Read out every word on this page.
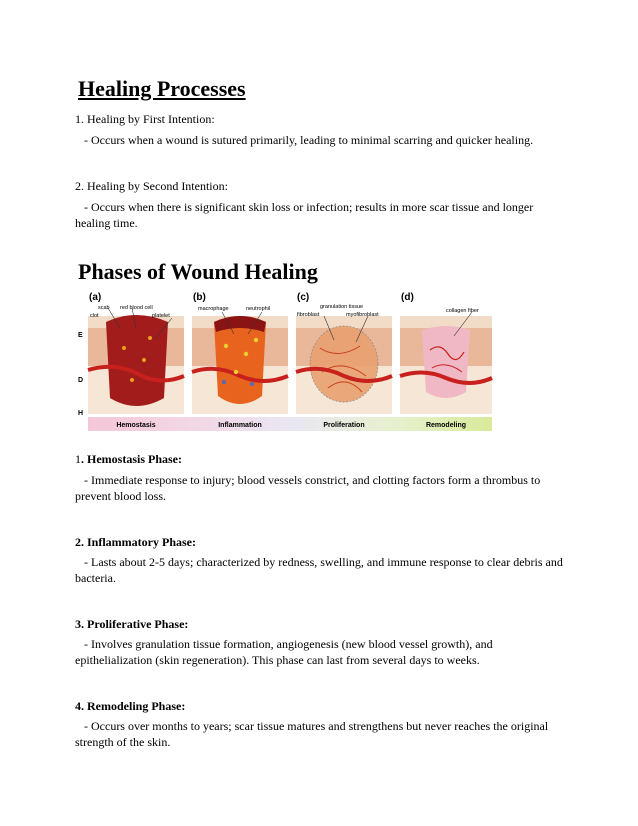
Healing Processes
1. Healing by First Intention:
- Occurs when a wound is sutured primarily, leading to minimal scarring and quicker healing.
2. Healing by Second Intention:
- Occurs when there is significant skin loss or infection; results in more scar tissue and longer healing time.
Phases of Wound Healing
E
D
H
(a)
scab red blood cell
clot	platelet
Hemostasis
(b)
macrophage	neutrophil
Inflammation
(c)
granulation tissue
fibroblast	myofibroblast
Proliferation
(d)
collagen fiber
Remodeling
1. Hemostasis Phase:
- Immediate response to injury; blood vessels constrict, and clotting factors form a thrombus to prevent blood loss.
2. Inflammatory Phase:
- Lasts about 2-5 days; characterized by redness, swelling, and immune response to clear debris and bacteria.
3. Proliferative Phase:
- Involves granulation tissue formation, angiogenesis (new blood vessel growth), and epithelialization (skin regeneration). This phase can last from several days to weeks.
4. Remodeling Phase:
- Occurs over months to years; scar tissue matures and strengthens but never reaches the original strength of the skin.
